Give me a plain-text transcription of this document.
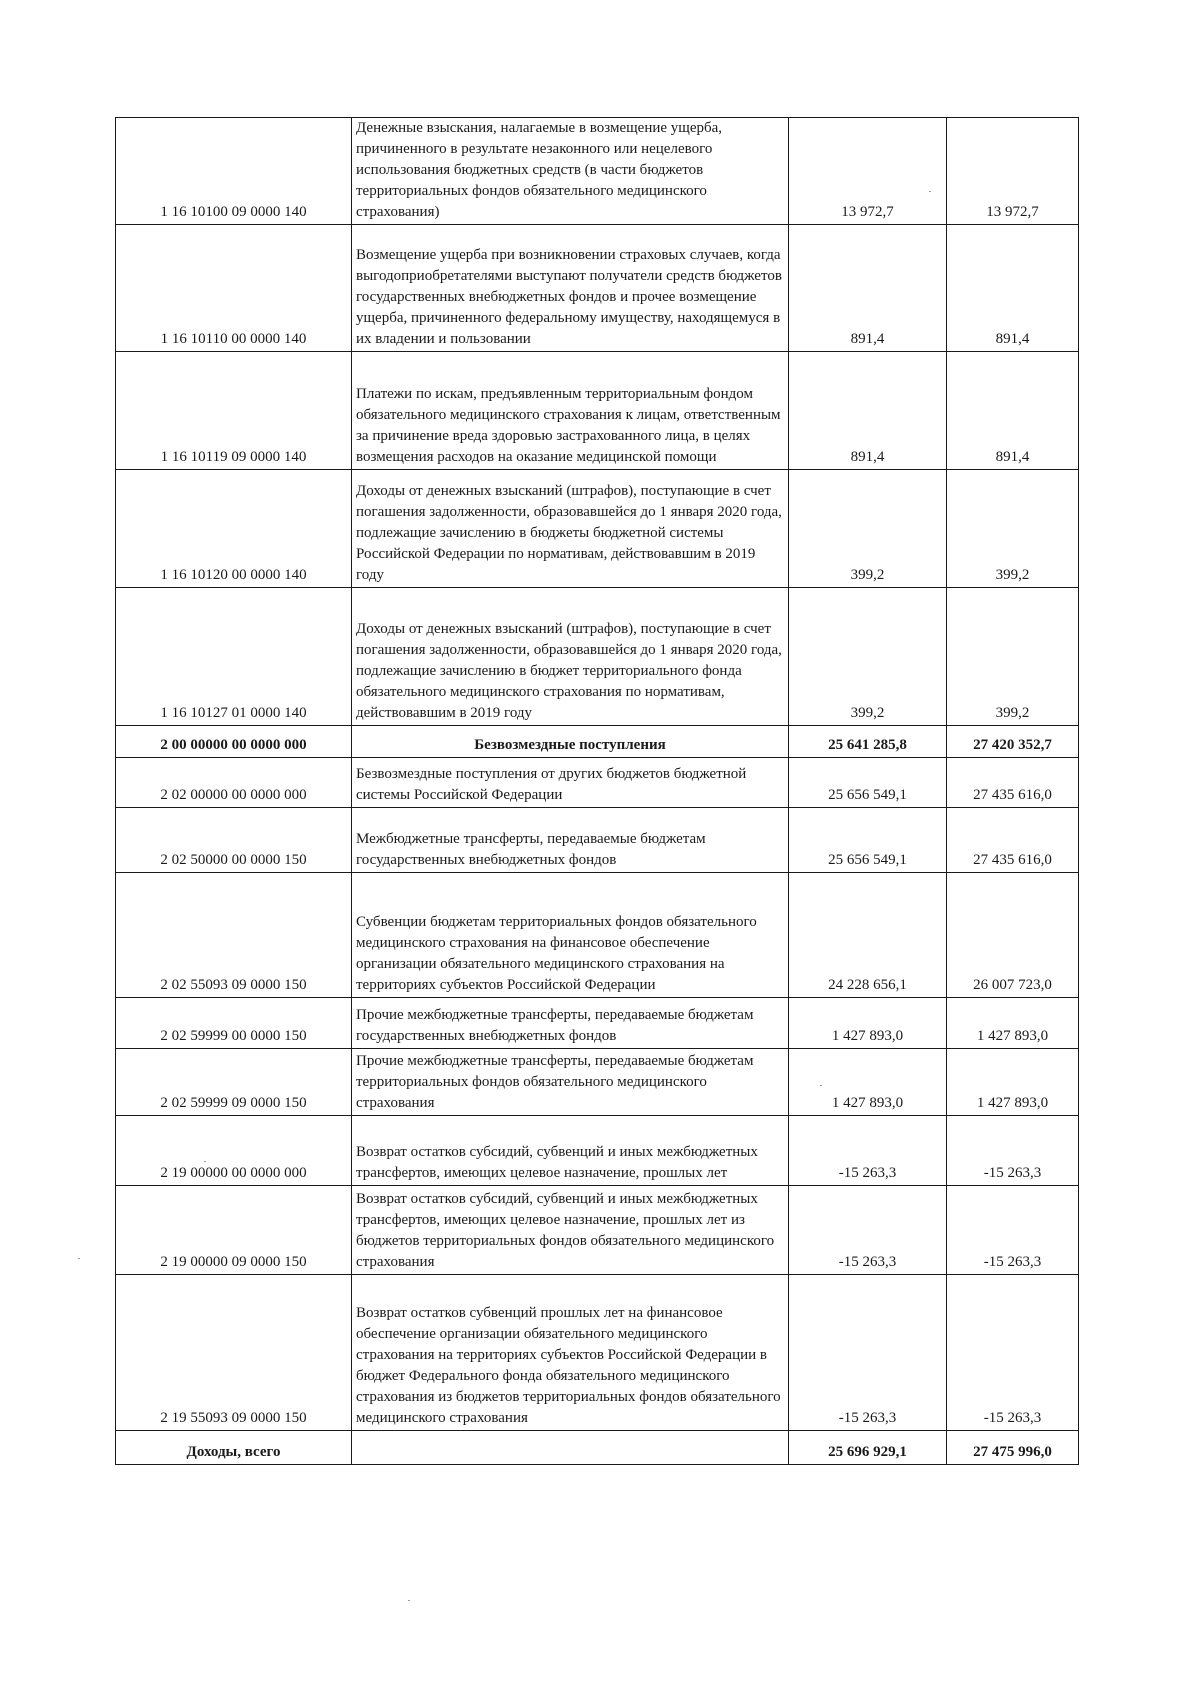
1 16 10100 09 0000 140	Денежные взыскания, налагаемые в возмещение ущерба, причиненного в результате незаконного или нецелевого использования бюджетных средств (в части бюджетов территориальных фондов обязательного медицинского страхования)	13 972,7	13 972,7
1 16 10110 00 0000 140	Возмещение ущерба при возникновении страховых случаев, когда выгодоприобретателями выступают получатели средств бюджетов государственных внебюджетных фондов и прочее возмещение ущерба, причиненного федеральному имуществу, находящемуся в их владении и пользовании	891,4	891,4
1 16 10119 09 0000 140	Платежи по искам, предъявленным территориальным фондом обязательного медицинского страхования к лицам, ответственным за причинение вреда здоровью застрахованного лица, в целях возмещения расходов на оказание медицинской помощи	891,4	891,4
1 16 10120 00 0000 140	Доходы от денежных взысканий (штрафов), поступающие в счет погашения задолженности, образовавшейся до 1 января 2020 года, подлежащие зачислению в бюджеты бюджетной системы Российской Федерации по нормативам, действовавшим в 2019 году	399,2	399,2
1 16 10127 01 0000 140	Доходы от денежных взысканий (штрафов), поступающие в счет погашения задолженности, образовавшейся до 1 января 2020 года, подлежащие зачислению в бюджет территориального фонда обязательного медицинского страхования по нормативам, действовавшим в 2019 году	399,2	399,2
2 00 00000 00 0000 000	Безвозмездные поступления	25 641 285,8	27 420 352,7
2 02 00000 00 0000 000	Безвозмездные поступления от других бюджетов бюджетной системы Российской Федерации	25 656 549,1	27 435 616,0
2 02 50000 00 0000 150	Межбюджетные трансферты, передаваемые бюджетам государственных внебюджетных фондов	25 656 549,1	27 435 616,0
2 02 55093 09 0000 150	Субвенции бюджетам территориальных фондов обязательного медицинского страхования на финансовое обеспечение организации обязательного медицинского страхования на территориях субъектов Российской Федерации	24 228 656,1	26 007 723,0
2 02 59999 00 0000 150	Прочие межбюджетные трансферты, передаваемые бюджетам государственных внебюджетных фондов	1 427 893,0	1 427 893,0
2 02 59999 09 0000 150	Прочие межбюджетные трансферты, передаваемые бюджетам территориальных фондов обязательного медицинского страхования	1 427 893,0	1 427 893,0
2 19 00000 00 0000 000	Возврат остатков субсидий, субвенций и иных межбюджетных трансфертов, имеющих целевое назначение, прошлых лет	-15 263,3	-15 263,3
2 19 00000 09 0000 150	Возврат остатков субсидий, субвенций и иных межбюджетных трансфертов, имеющих целевое назначение, прошлых лет из бюджетов территориальных фондов обязательного медицинского страхования	-15 263,3	-15 263,3
2 19 55093 09 0000 150	Возврат остатков субвенций прошлых лет на финансовое обеспечение организации обязательного медицинского страхования на территориях субъектов Российской Федерации в бюджет Федерального фонда обязательного медицинского страхования из бюджетов территориальных фондов обязательного медицинского страхования	-15 263,3	-15 263,3
Доходы, всего		25 696 929,1	27 475 996,0
